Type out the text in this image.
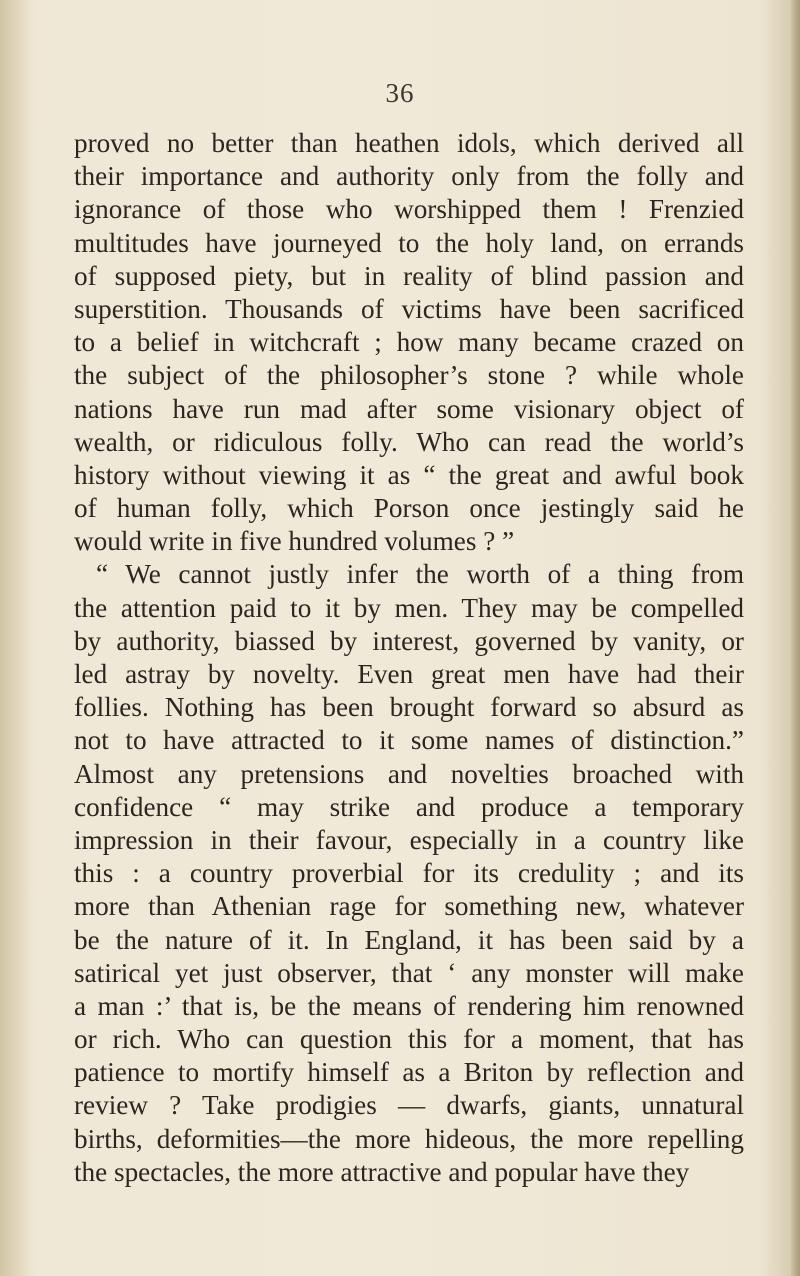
36
proved no better than heathen idols, which derived all
their importance and authority only from the folly and
ignorance of those who worshipped them ! Frenzied
multitudes have journeyed to the holy land, on errands
of supposed piety, but in reality of blind passion and
superstition. Thousands of victims have been sacrificed
to a belief in witchcraft ; how many became crazed on
the subject of the philosopher’s stone ? while whole
nations have run mad after some visionary object of
wealth, or ridiculous folly. Who can read the world’s
history without viewing it as “ the great and awful book
of human folly, which Porson once jestingly said he
would write in five hundred volumes ? ”
“ We cannot justly infer the worth of a thing from
the attention paid to it by men. They may be compelled
by authority, biassed by interest, governed by vanity, or
led astray by novelty. Even great men have had their
follies. Nothing has been brought forward so absurd as
not to have attracted to it some names of distinction.”
Almost any pretensions and novelties broached with
confidence “ may strike and produce a temporary
impression in their favour, especially in a country like
this : a country proverbial for its credulity ; and its
more than Athenian rage for something new, whatever
be the nature of it. In England, it has been said by a
satirical yet just observer, that ‘ any monster will make
a man :’ that is, be the means of rendering him renowned
or rich. Who can question this for a moment, that has
patience to mortify himself as a Briton by reflection and
review ? Take prodigies — dwarfs, giants, unnatural
births, deformities—the more hideous, the more repelling
the spectacles, the more attractive and popular have they
